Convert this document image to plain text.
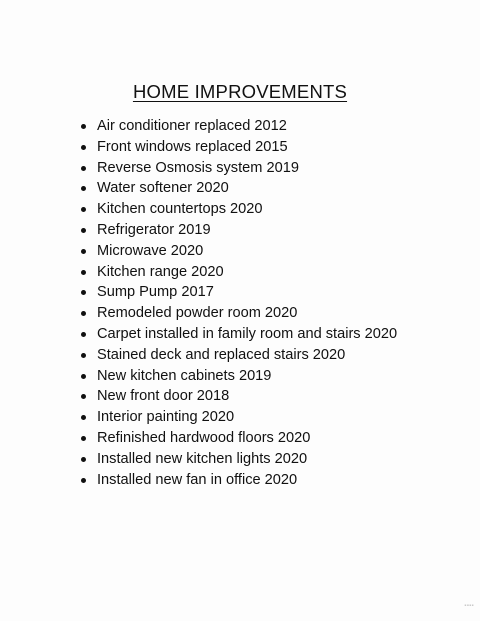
HOME IMPROVEMENTS
Air conditioner replaced 2012
Front windows replaced 2015
Reverse Osmosis system 2019
Water softener 2020
Kitchen countertops 2020
Refrigerator 2019
Microwave 2020
Kitchen range 2020
Sump Pump 2017
Remodeled powder room 2020
Carpet installed in family room and stairs 2020
Stained deck and replaced stairs 2020
New kitchen cabinets 2019
New front door 2018
Interior painting 2020
Refinished hardwood floors 2020
Installed new kitchen lights 2020
Installed new fan in office 2020
▪▪▪▪
